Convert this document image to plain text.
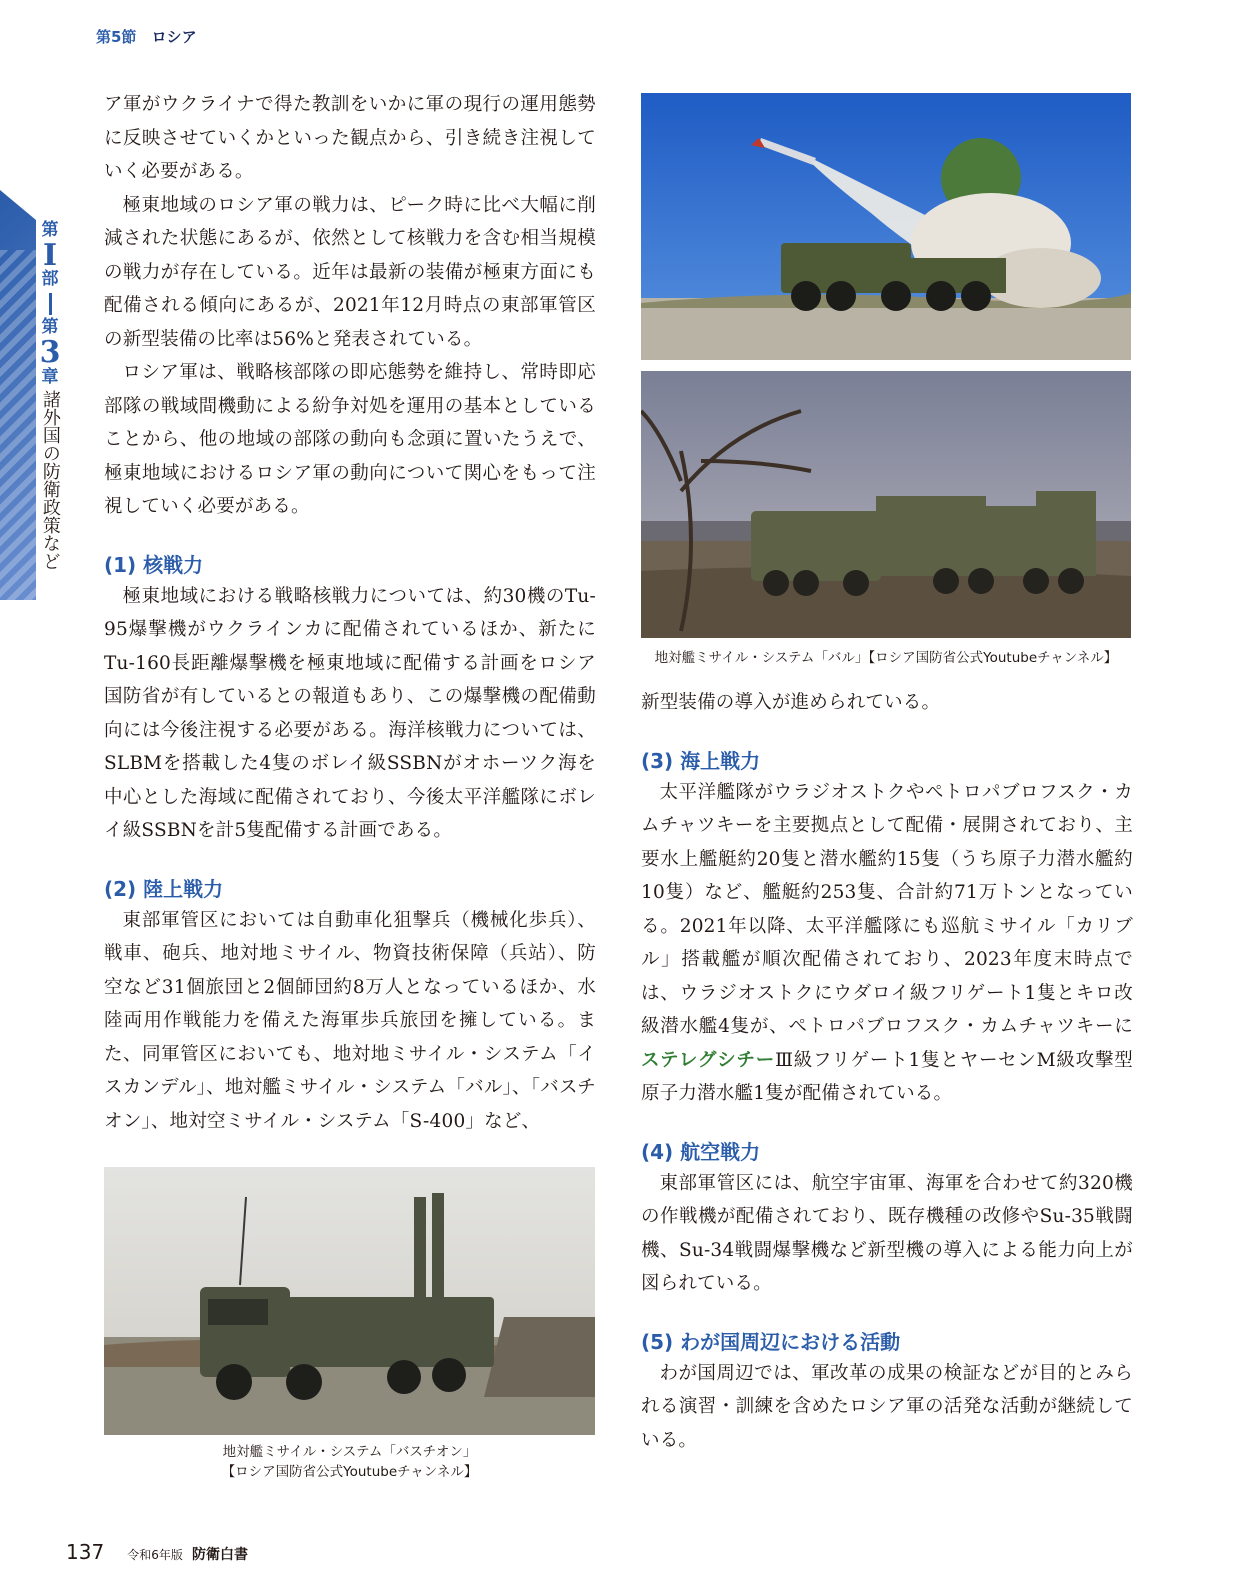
第5節 ロシア
第
I
部
第
3
章
諸外国の防衛政策など

ア軍がウクライナで得た教訓をいかに軍の現行の運用態勢に反映させていくかといった観点から、引き続き注視していく必要がある。

極東地域のロシア軍の戦力は、ピーク時に比べ大幅に削減された状態にあるが、依然として核戦力を含む相当規模の戦力が存在している。近年は最新の装備が極東方面にも配備される傾向にあるが、2021年12月時点の東部軍管区の新型装備の比率は56%と発表されている。

ロシア軍は、戦略核部隊の即応態勢を維持し、常時即応部隊の戦域間機動による紛争対処を運用の基本としていることから、他の地域の部隊の動向も念頭に置いたうえで、極東地域におけるロシア軍の動向について関心をもって注視していく必要がある。

(1) 核戦力

極東地域における戦略核戦力については、約30機のTu-95爆撃機がウクラインカに配備されているほか、新たにTu-160長距離爆撃機を極東地域に配備する計画をロシア国防省が有しているとの報道もあり、この爆撃機の配備動向には今後注視する必要がある。海洋核戦力については、SLBMを搭載した4隻のボレイ級SSBNがオホーツク海を中心とした海域に配備されており、今後太平洋艦隊にボレイ級SSBNを計5隻配備する計画である。

(2) 陸上戦力

東部軍管区においては自動車化狙撃兵（機械化歩兵）、戦車、砲兵、地対地ミサイル、物資技術保障（兵站）、防空など31個旅団と2個師団約8万人となっているほか、水陸両用作戦能力を備えた海軍歩兵旅団を擁している。また、同軍管区においても、地対地ミサイル・システム「イスカンデル」、地対艦ミサイル・システム「バル」、「バスチオン」、地対空ミサイル・システム「S-400」など、

地対艦ミサイル・システム「バスチオン」
【ロシア国防省公式Youtubeチャンネル】
地対艦ミサイル・システム「バル」【ロシア国防省公式Youtubeチャンネル】

新型装備の導入が進められている。

(3) 海上戦力

太平洋艦隊がウラジオストクやペトロパブロフスク・カムチャツキーを主要拠点として配備・展開されており、主要水上艦艇約20隻と潜水艦約15隻（うち原子力潜水艦約10隻）など、艦艇約253隻、合計約71万トンとなっている。2021年以降、太平洋艦隊にも巡航ミサイル「カリブル」搭載艦が順次配備されており、2023年度末時点では、ウラジオストクにウダロイ級フリゲート1隻とキロ改級潜水艦4隻が、ペトロパブロフスク・カムチャツキーにステレグシチーⅢ級フリゲート1隻とヤーセンM級攻撃型原子力潜水艦1隻が配備されている。

(4) 航空戦力

東部軍管区には、航空宇宙軍、海軍を合わせて約320機の作戦機が配備されており、既存機種の改修やSu-35戦闘機、Su-34戦闘爆撃機など新型機の導入による能力向上が図られている。

(5) わが国周辺における活動

わが国周辺では、軍改革の成果の検証などが目的とみられる演習・訓練を含めたロシア軍の活発な活動が継続している。

137 令和6年版 防衛白書
